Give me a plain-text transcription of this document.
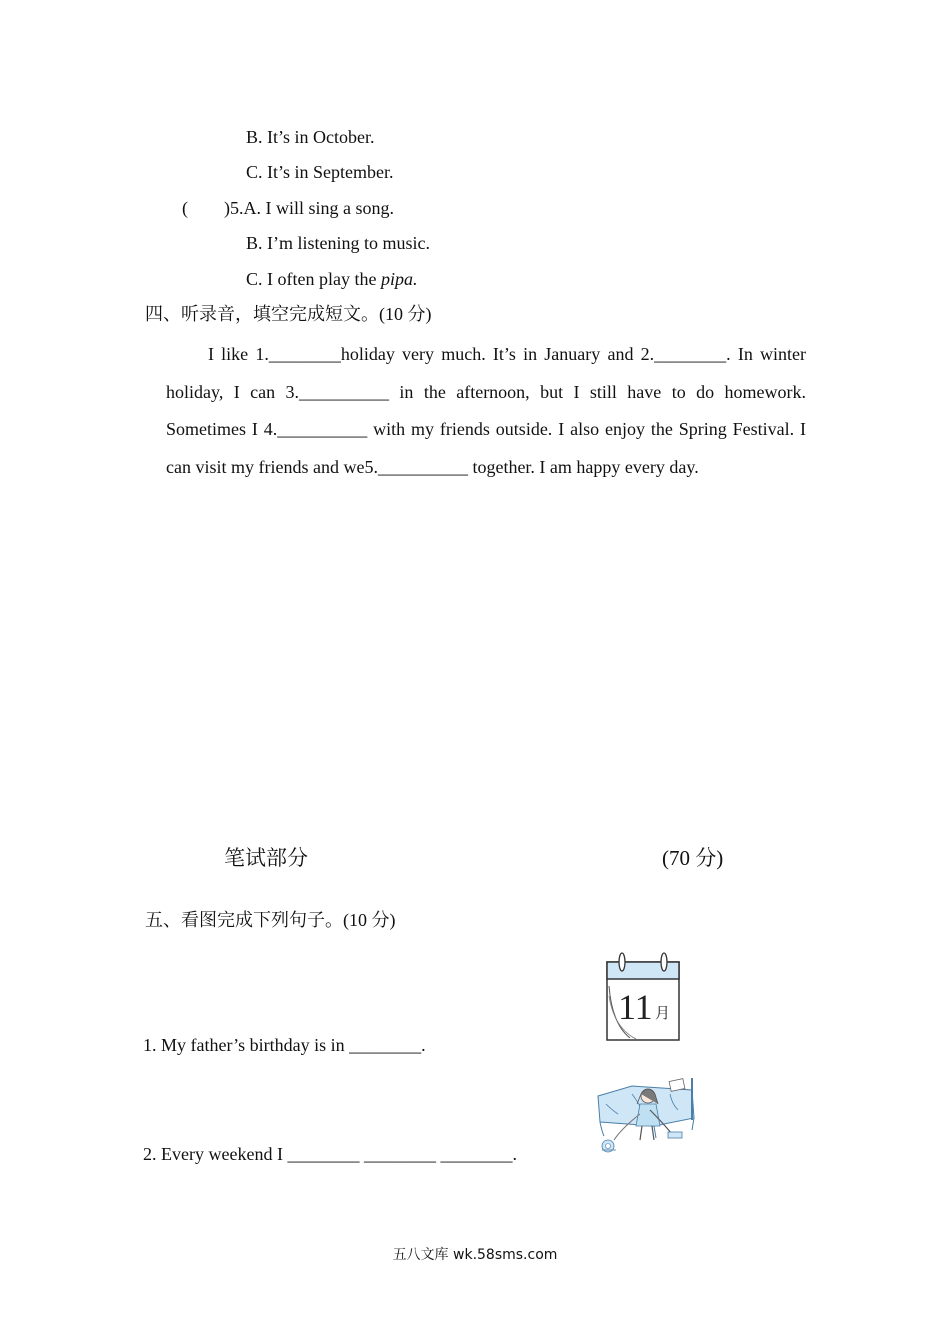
B. It’s in October.
C. It’s in September.
(  )5.A. I will sing a song.
B. I’m listening to music.
C. I often play the pipa.
四、听录音，填空完成短文。(10 分)
I like 1.________holiday very much. It’s in January and 2.________. In winter holiday, I can 3.__________ in the afternoon, but I still have to do homework. Sometimes I 4.__________ with my friends outside. I also enjoy the Spring Festival. I can visit my friends and we5.__________ together. I am happy every day.
笔试部分	(70 分)
五、看图完成下列句子。(10 分)
1. My father’s birthday is in ________.
2. Every weekend I ________ ________ ________.
11 月
五八文库 wk.58sms.com
